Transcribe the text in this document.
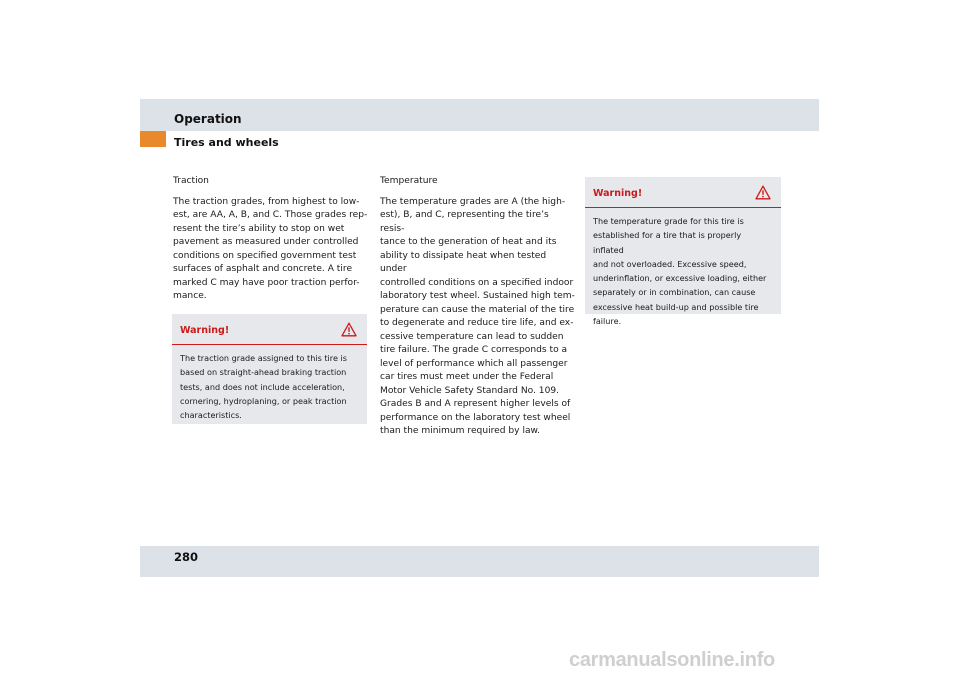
Operation
Tires and wheels

Traction

The traction grades, from highest to low-
est, are AA, A, B, and C. Those grades rep-
resent the tire’s ability to stop on wet
pavement as measured under controlled
conditions on specified government test
surfaces of asphalt and concrete. A tire
marked C may have poor traction perfor-
mance.

Warning!

The traction grade assigned to this tire is
based on straight-ahead braking traction
tests, and does not include acceleration,
cornering, hydroplaning, or peak traction
characteristics.

Temperature

The temperature grades are A (the high-
est), B, and C, representing the tire’s resis-
tance to the generation of heat and its
ability to dissipate heat when tested under
controlled conditions on a specified indoor
laboratory test wheel. Sustained high tem-
perature can cause the material of the tire
to degenerate and reduce tire life, and ex-
cessive temperature can lead to sudden
tire failure. The grade C corresponds to a
level of performance which all passenger
car tires must meet under the Federal
Motor Vehicle Safety Standard No. 109.
Grades B and A represent higher levels of
performance on the laboratory test wheel
than the minimum required by law.

Warning!

The temperature grade for this tire is
established for a tire that is properly inflated
and not overloaded. Excessive speed,
underinflation, or excessive loading, either
separately or in combination, can cause
excessive heat build-up and possible tire
failure.

280
carmanualsonline.info
